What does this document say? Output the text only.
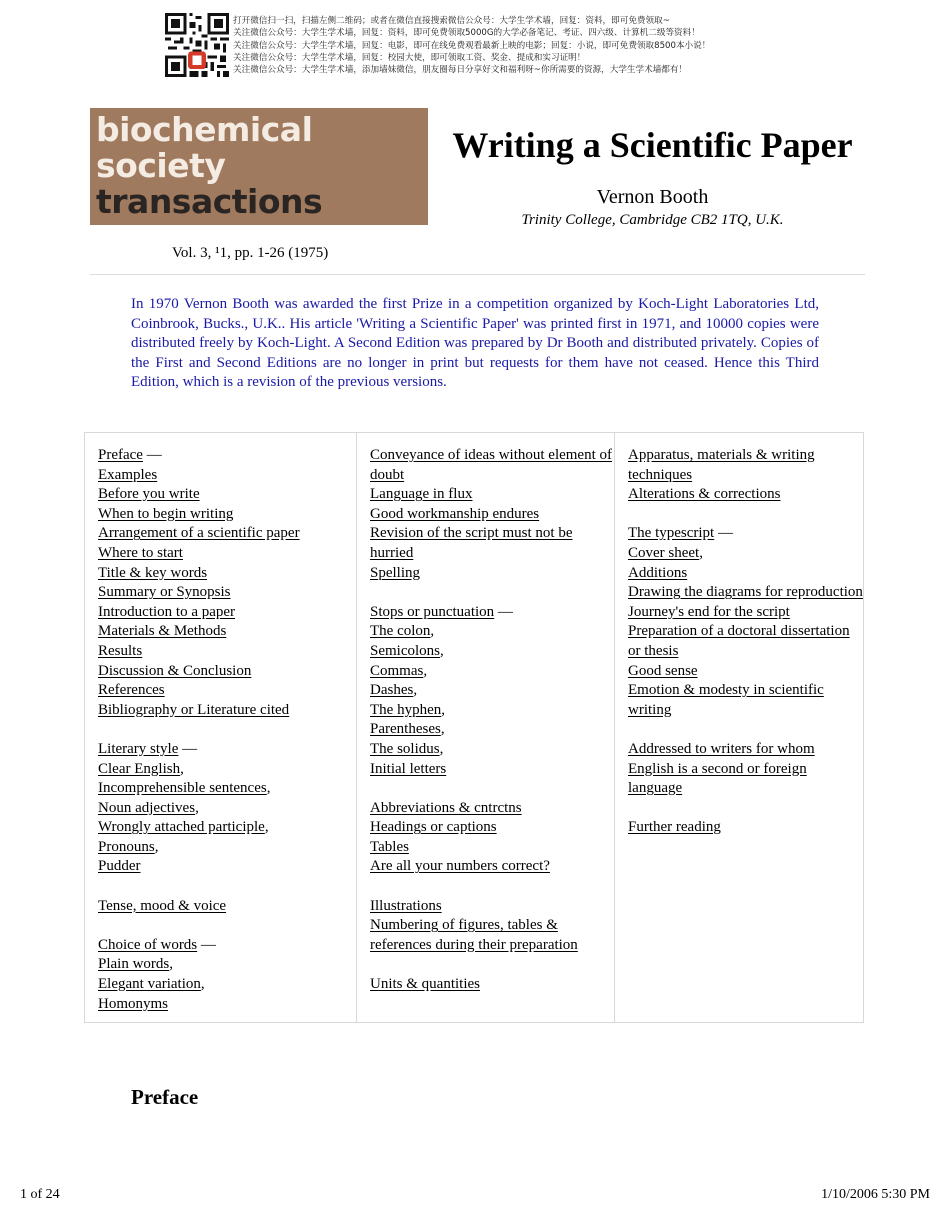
打开微信扫一扫，扫描左侧二维码；或者在微信直接搜索微信公众号：大学生学术墙，回复：资料，即可免费领取~
关注微信公众号：大学生学术墙，回复：资料，即可免费领取5000G的大学必备笔记、考证、四六级、计算机二级等资料！
关注微信公众号：大学生学术墙，回复：电影，即可在线免费观看最新上映的电影；回复：小说，即可免费领取8500本小说！
关注微信公众号：大学生学术墙，回复：校园大使，即可领取工资、奖金、提成和实习证明！
关注微信公众号：大学生学术墙，添加墙妹微信，朋友圈每日分享好文和福利呀~你所需要的资源，大学生学术墙都有！
biochemical
society
transactions
Writing a Scientific Paper
Vernon Booth
Trinity College, Cambridge CB2 1TQ, U.K.
Vol. 3, ¹1, pp. 1-26 (1975)

In 1970 Vernon Booth was awarded the first Prize in a competition organized by Koch-Light Laboratories Ltd, Coinbrook, Bucks., U.K.. His article 'Writing a Scientific Paper' was printed first in 1971, and 10000 copies were distributed freely by Koch-Light. A Second Edition was prepared by Dr Booth and distributed privately. Copies of the First and Second Editions are no longer in print but requests for them have not ceased. Hence this Third Edition, which is a revision of the previous versions.

Preface —
Examples
Before you write
When to begin writing
Arrangement of a scientific paper
Where to start
Title & key words
Summary or Synopsis
Introduction to a paper
Materials & Methods
Results
Discussion & Conclusion
References
Bibliography or Literature cited
Literary style —
Clear English,
Incomprehensible sentences,
Noun adjectives,
Wrongly attached participle,
Pronouns,
Pudder
Tense, mood & voice
Choice of words —
Plain words,
Elegant variation,
Homonyms
Conveyance of ideas without element of doubt
Language in flux
Good workmanship endures
Revision of the script must not be hurried
Spelling
Stops or punctuation —
The colon,
Semicolons,
Commas,
Dashes,
The hyphen,
Parentheses,
The solidus,
Initial letters
Abbreviations & cntrctns
Headings or captions
Tables
Are all your numbers correct?
Illustrations
Numbering of figures, tables & references during their preparation
Units & quantities
Apparatus, materials & writing techniques
Alterations & corrections
The typescript —
Cover sheet,
Additions
Drawing the diagrams for reproduction
Journey's end for the script
Preparation of a doctoral dissertation or thesis
Good sense
Emotion & modesty in scientific writing
Addressed to writers for whom English is a second or foreign language
Further reading
Preface
1 of 24	1/10/2006 5:30 PM
